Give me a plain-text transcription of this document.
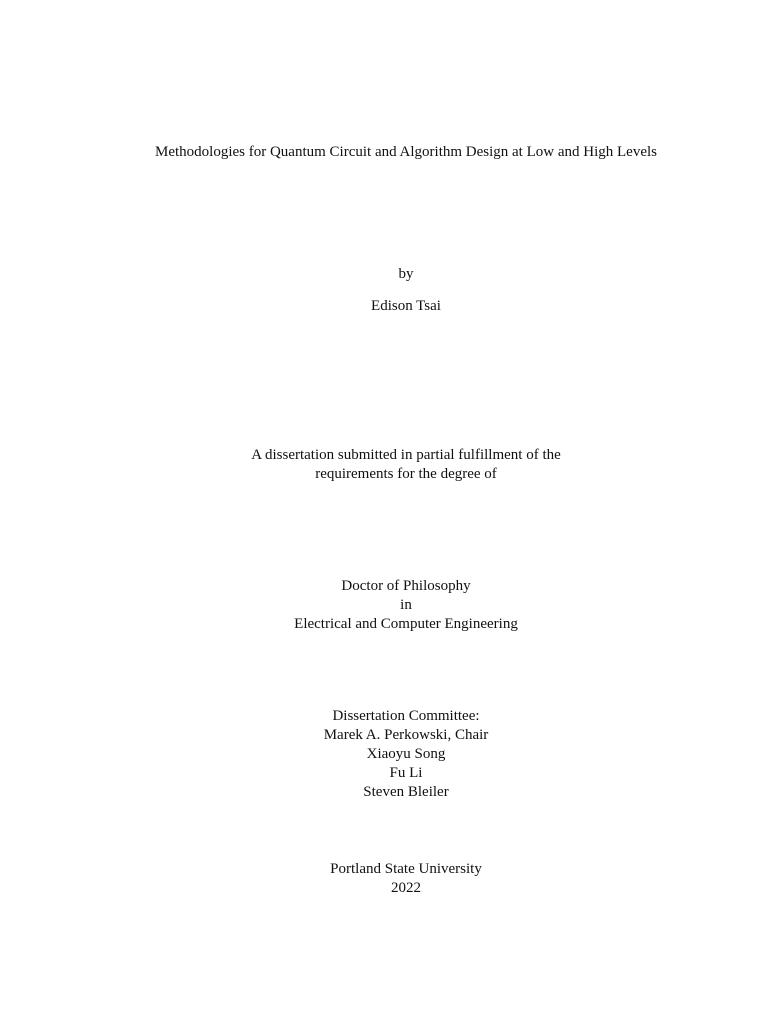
Methodologies for Quantum Circuit and Algorithm Design at Low and High Levels
by
Edison Tsai
A dissertation submitted in partial fulfillment of the
requirements for the degree of
Doctor of Philosophy
in
Electrical and Computer Engineering
Dissertation Committee:
Marek A. Perkowski, Chair
Xiaoyu Song
Fu Li
Steven Bleiler
Portland State University
2022
